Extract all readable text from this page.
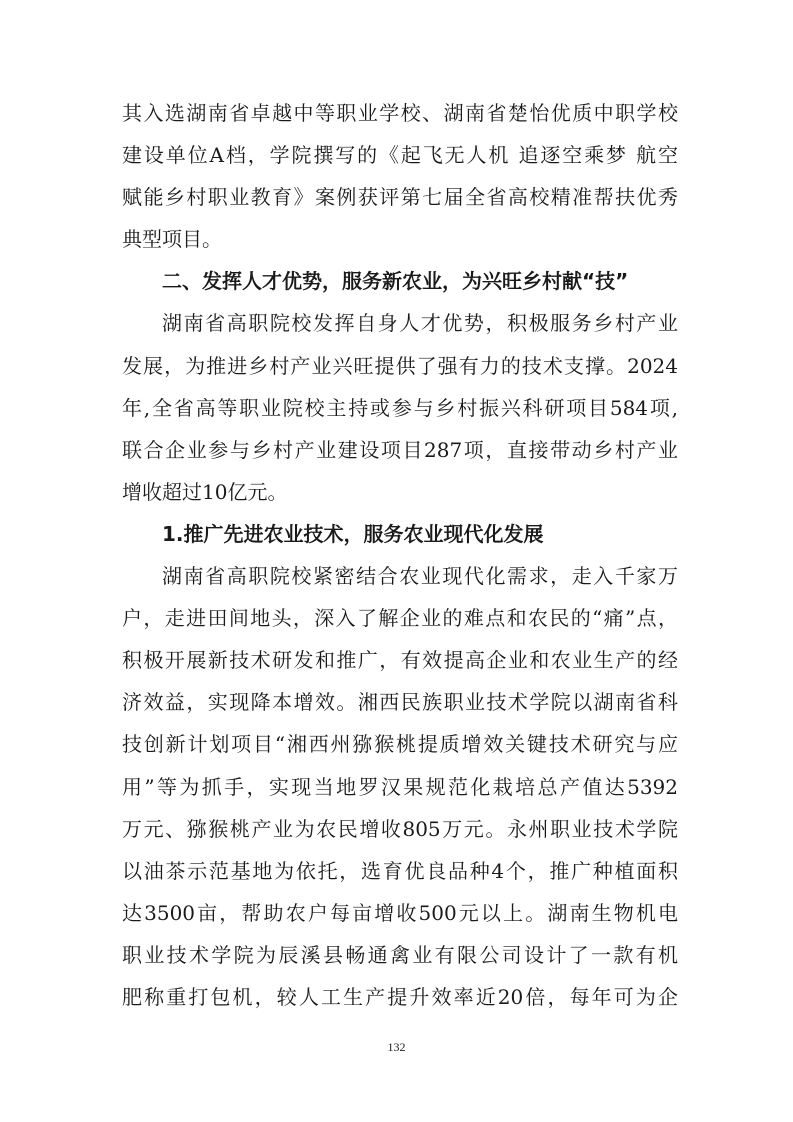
其入选湖南省卓越中等职业学校、湖南省楚怡优质中职学校
建设单位A档，学院撰写的《起飞无人机 追逐空乘梦 航空
赋能乡村职业教育》案例获评第七届全省高校精准帮扶优秀
典型项目。
二、发挥人才优势，服务新农业，为兴旺乡村献“技”
湖南省高职院校发挥自身人才优势，积极服务乡村产业
发展，为推进乡村产业兴旺提供了强有力的技术支撑。2024
年,全省高等职业院校主持或参与乡村振兴科研项目584项,
联合企业参与乡村产业建设项目287项，直接带动乡村产业
增收超过10亿元。
1.推广先进农业技术，服务农业现代化发展
湖南省高职院校紧密结合农业现代化需求，走入千家万
户，走进田间地头，深入了解企业的难点和农民的“痛”点，
积极开展新技术研发和推广，有效提高企业和农业生产的经
济效益，实现降本增效。湘西民族职业技术学院以湖南省科
技创新计划项目“湘西州猕猴桃提质增效关键技术研究与应
用”等为抓手，实现当地罗汉果规范化栽培总产值达5392
万元、猕猴桃产业为农民增收805万元。永州职业技术学院
以油茶示范基地为依托，选育优良品种4个，推广种植面积
达3500亩，帮助农户每亩增收500元以上。湖南生物机电
职业技术学院为辰溪县畅通禽业有限公司设计了一款有机
肥称重打包机，较人工生产提升效率近20倍，每年可为企
132
